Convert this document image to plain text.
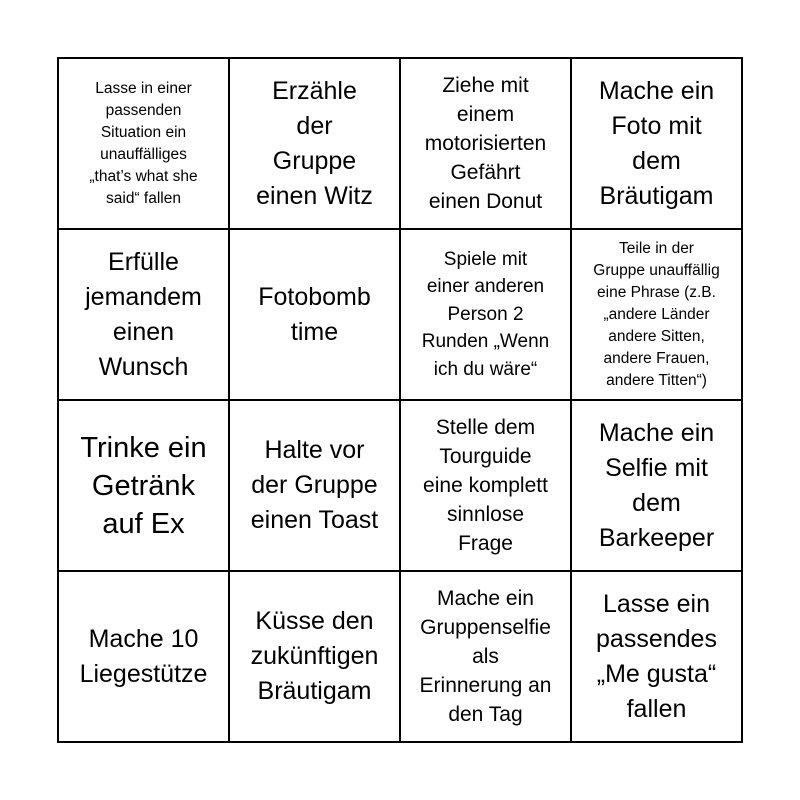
Lasse in einer
passenden
Situation ein
unauffälliges
„that’s what she
said“ fallen
Erzähle
der
Gruppe
einen Witz
Ziehe mit
einem
motorisierten
Gefährt
einen Donut
Mache ein
Foto mit
dem
Bräutigam
Erfülle
jemandem
einen
Wunsch
Fotobomb
time
Spiele mit
einer anderen
Person 2
Runden „Wenn
ich du wäre“
Teile in der
Gruppe unauffällig
eine Phrase (z.B.
„andere Länder
andere Sitten,
andere Frauen,
andere Titten“)
Trinke ein
Getränk
auf Ex
Halte vor
der Gruppe
einen Toast
Stelle dem
Tourguide
eine komplett
sinnlose
Frage
Mache ein
Selfie mit
dem
Barkeeper
Mache 10
Liegestütze
Küsse den
zukünftigen
Bräutigam
Mache ein
Gruppenselfie
als
Erinnerung an
den Tag
Lasse ein
passendes
„Me gusta“
fallen
